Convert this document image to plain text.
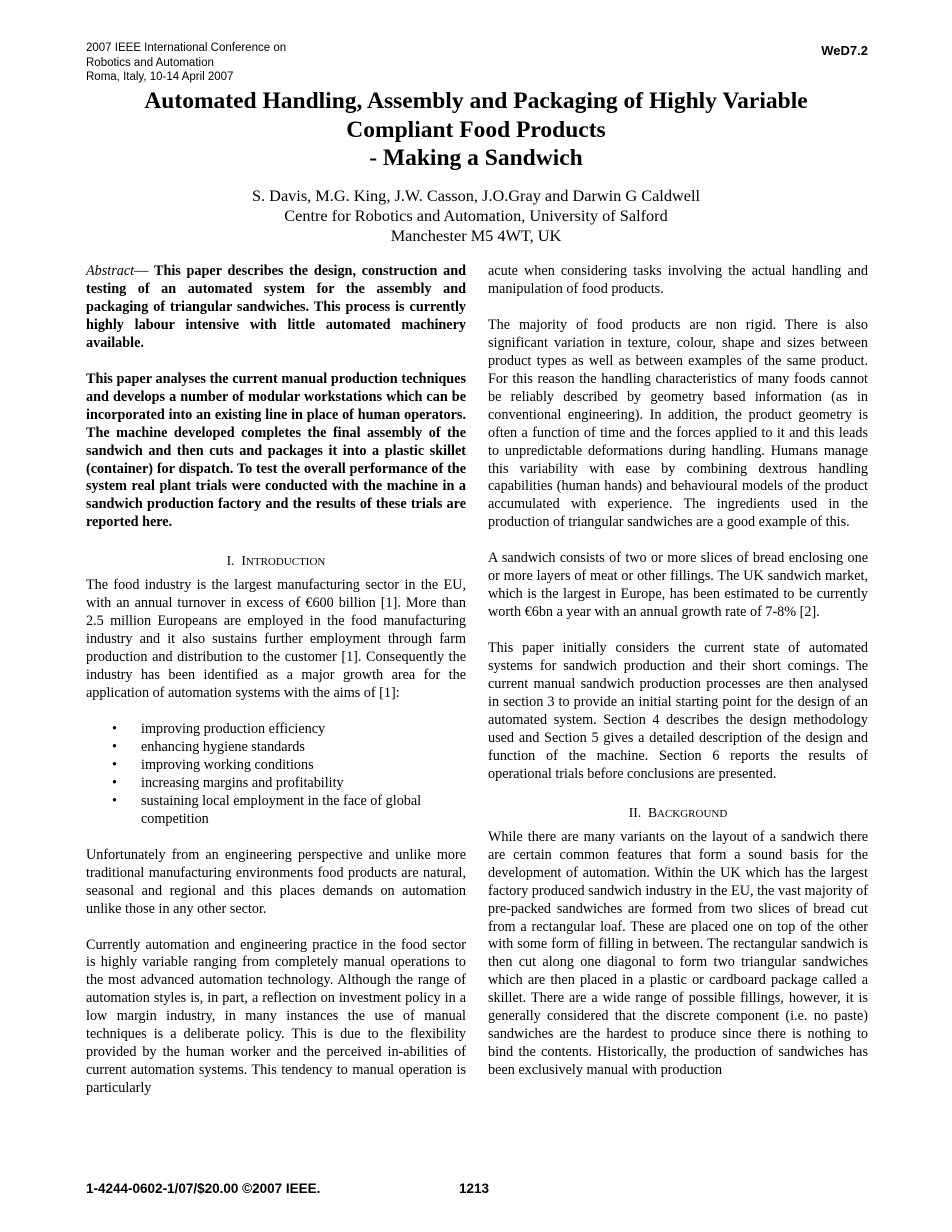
2007 IEEE International Conference on
Robotics and Automation
Roma, Italy, 10-14 April 2007
WeD7.2
Automated Handling, Assembly and Packaging of Highly Variable
Compliant Food Products
- Making a Sandwich
S. Davis, M.G. King, J.W. Casson, J.O.Gray and Darwin G Caldwell
Centre for Robotics and Automation, University of Salford
Manchester M5 4WT, UK

Abstract— This paper describes the design, construction and testing of an automated system for the assembly and packaging of triangular sandwiches. This process is currently highly labour intensive with little automated machinery available.

This paper analyses the current manual production techniques and develops a number of modular workstations which can be incorporated into an existing line in place of human operators. The machine developed completes the final assembly of the sandwich and then cuts and packages it into a plastic skillet (container) for dispatch. To test the overall performance of the system real plant trials were conducted with the machine in a sandwich production factory and the results of these trials are reported here.

I. INTRODUCTION

The food industry is the largest manufacturing sector in the EU, with an annual turnover in excess of €600 billion [1]. More than 2.5 million Europeans are employed in the food manufacturing industry and it also sustains further employment through farm production and distribution to the customer [1]. Consequently the industry has been identified as a major growth area for the application of automation systems with the aims of [1]:

• improving production efficiency
• enhancing hygiene standards
• improving working conditions
• increasing margins and profitability
• sustaining local employment in the face of global competition

Unfortunately from an engineering perspective and unlike more traditional manufacturing environments food products are natural, seasonal and regional and this places demands on automation unlike those in any other sector.

Currently automation and engineering practice in the food sector is highly variable ranging from completely manual operations to the most advanced automation technology. Although the range of automation styles is, in part, a reflection on investment policy in a low margin industry, in many instances the use of manual techniques is a deliberate policy. This is due to the flexibility provided by the human worker and the perceived in-abilities of current automation systems. This tendency to manual operation is particularly

acute when considering tasks involving the actual handling and manipulation of food products.

The majority of food products are non rigid. There is also significant variation in texture, colour, shape and sizes between product types as well as between examples of the same product. For this reason the handling characteristics of many foods cannot be reliably described by geometry based information (as in conventional engineering). In addition, the product geometry is often a function of time and the forces applied to it and this leads to unpredictable deformations during handling. Humans manage this variability with ease by combining dextrous handling capabilities (human hands) and behavioural models of the product accumulated with experience. The ingredients used in the production of triangular sandwiches are a good example of this.

A sandwich consists of two or more slices of bread enclosing one or more layers of meat or other fillings. The UK sandwich market, which is the largest in Europe, has been estimated to be currently worth €6bn a year with an annual growth rate of 7-8% [2].

This paper initially considers the current state of automated systems for sandwich production and their short comings. The current manual sandwich production processes are then analysed in section 3 to provide an initial starting point for the design of an automated system. Section 4 describes the design methodology used and Section 5 gives a detailed description of the design and function of the machine. Section 6 reports the results of operational trials before conclusions are presented.

II. BACKGROUND

While there are many variants on the layout of a sandwich there are certain common features that form a sound basis for the development of automation. Within the UK which has the largest factory produced sandwich industry in the EU, the vast majority of pre-packed sandwiches are formed from two slices of bread cut from a rectangular loaf. These are placed one on top of the other with some form of filling in between. The rectangular sandwich is then cut along one diagonal to form two triangular sandwiches which are then placed in a plastic or cardboard package called a skillet. There are a wide range of possible fillings, however, it is generally considered that the discrete component (i.e. no paste) sandwiches are the hardest to produce since there is nothing to bind the contents. Historically, the production of sandwiches has been exclusively manual with production

1-4244-0602-1/07/$20.00 ©2007 IEEE.	1213
